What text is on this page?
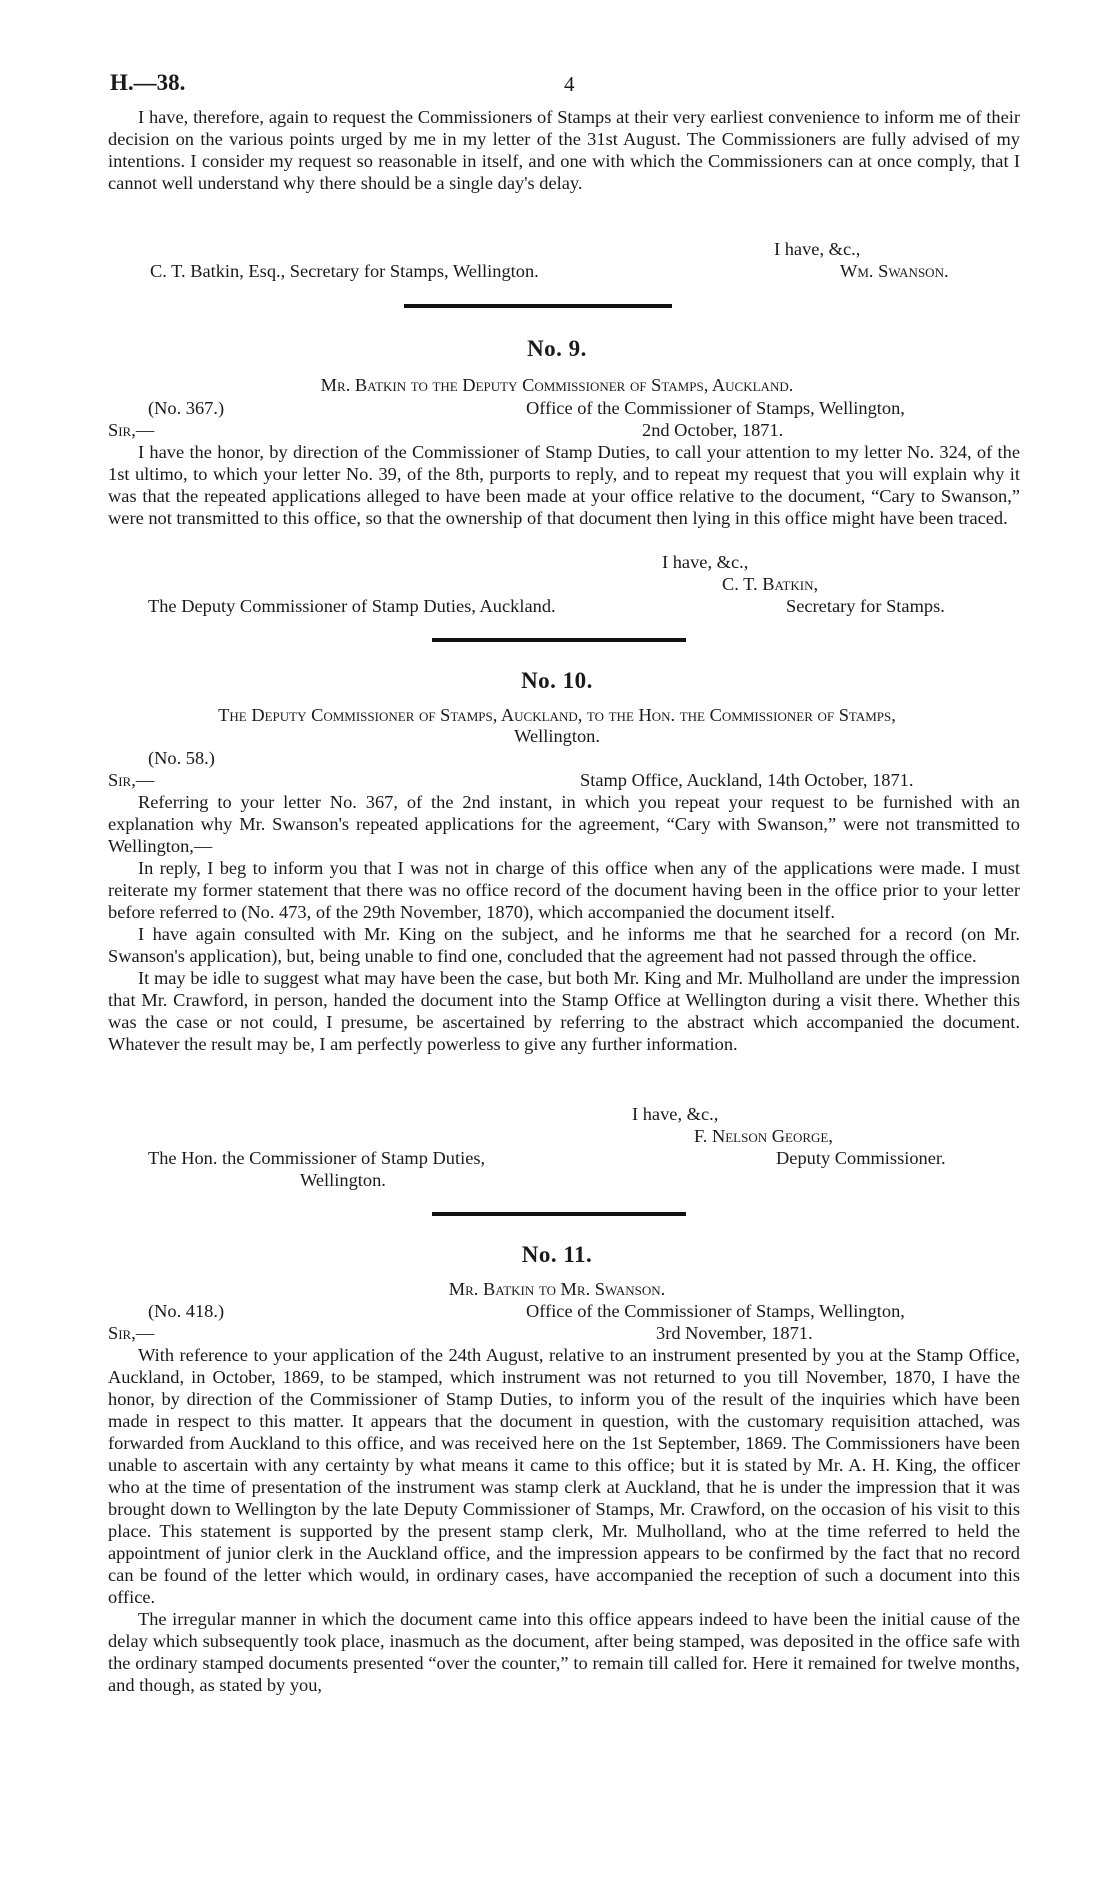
H.—38.	4

I have, therefore, again to request the Commissioners of Stamps at their very earliest convenience to inform me of their decision on the various points urged by me in my letter of the 31st August. The Commissioners are fully advised of my intentions. I consider my request so reasonable in itself, and one with which the Commissioners can at once comply, that I cannot well understand why there should be a single day's delay.

I have, &c.,
C. T. Batkin, Esq., Secretary for Stamps, Wellington.	Wm. Swanson.
No. 9.
Mr. Batkin to the Deputy Commissioner of Stamps, Auckland.
(No. 367.)	Office of the Commissioner of Stamps, Wellington,
Sir,—	2nd October, 1871.

I have the honor, by direction of the Commissioner of Stamp Duties, to call your attention to my letter No. 324, of the 1st ultimo, to which your letter No. 39, of the 8th, purports to reply, and to repeat my request that you will explain why it was that the repeated applications alleged to have been made at your office relative to the document, “Cary to Swanson,” were not transmitted to this office, so that the ownership of that document then lying in this office might have been traced.

I have, &c.,
C. T. Batkin,
The Deputy Commissioner of Stamp Duties, Auckland.	Secretary for Stamps.
No. 10.
The Deputy Commissioner of Stamps, Auckland, to the Hon. the Commissioner of Stamps,
Wellington.
(No. 58.)
Sir,—	Stamp Office, Auckland, 14th October, 1871.

Referring to your letter No. 367, of the 2nd instant, in which you repeat your request to be furnished with an explanation why Mr. Swanson's repeated applications for the agreement, “Cary with Swanson,” were not transmitted to Wellington,—

In reply, I beg to inform you that I was not in charge of this office when any of the applications were made. I must reiterate my former statement that there was no office record of the document having been in the office prior to your letter before referred to (No. 473, of the 29th November, 1870), which accompanied the document itself.

I have again consulted with Mr. King on the subject, and he informs me that he searched for a record (on Mr. Swanson's application), but, being unable to find one, concluded that the agreement had not passed through the office.

It may be idle to suggest what may have been the case, but both Mr. King and Mr. Mulholland are under the impression that Mr. Crawford, in person, handed the document into the Stamp Office at Wellington during a visit there. Whether this was the case or not could, I presume, be ascertained by referring to the abstract which accompanied the document. Whatever the result may be, I am perfectly powerless to give any further information.

I have, &c.,
F. Nelson George,
The Hon. the Commissioner of Stamp Duties,	Deputy Commissioner.
Wellington.
No. 11.
Mr. Batkin to Mr. Swanson.
(No. 418.)	Office of the Commissioner of Stamps, Wellington,
Sir,—	3rd November, 1871.

With reference to your application of the 24th August, relative to an instrument presented by you at the Stamp Office, Auckland, in October, 1869, to be stamped, which instrument was not returned to you till November, 1870, I have the honor, by direction of the Commissioner of Stamp Duties, to inform you of the result of the inquiries which have been made in respect to this matter. It appears that the document in question, with the customary requisition attached, was forwarded from Auckland to this office, and was received here on the 1st September, 1869. The Commissioners have been unable to ascertain with any certainty by what means it came to this office; but it is stated by Mr. A. H. King, the officer who at the time of presentation of the instrument was stamp clerk at Auckland, that he is under the impression that it was brought down to Wellington by the late Deputy Commissioner of Stamps, Mr. Crawford, on the occasion of his visit to this place. This statement is supported by the present stamp clerk, Mr. Mulholland, who at the time referred to held the appointment of junior clerk in the Auckland office, and the impression appears to be confirmed by the fact that no record can be found of the letter which would, in ordinary cases, have accompanied the reception of such a document into this office.

The irregular manner in which the document came into this office appears indeed to have been the initial cause of the delay which subsequently took place, inasmuch as the document, after being stamped, was deposited in the office safe with the ordinary stamped documents presented “over the counter,” to remain till called for. Here it remained for twelve months, and though, as stated by you,
